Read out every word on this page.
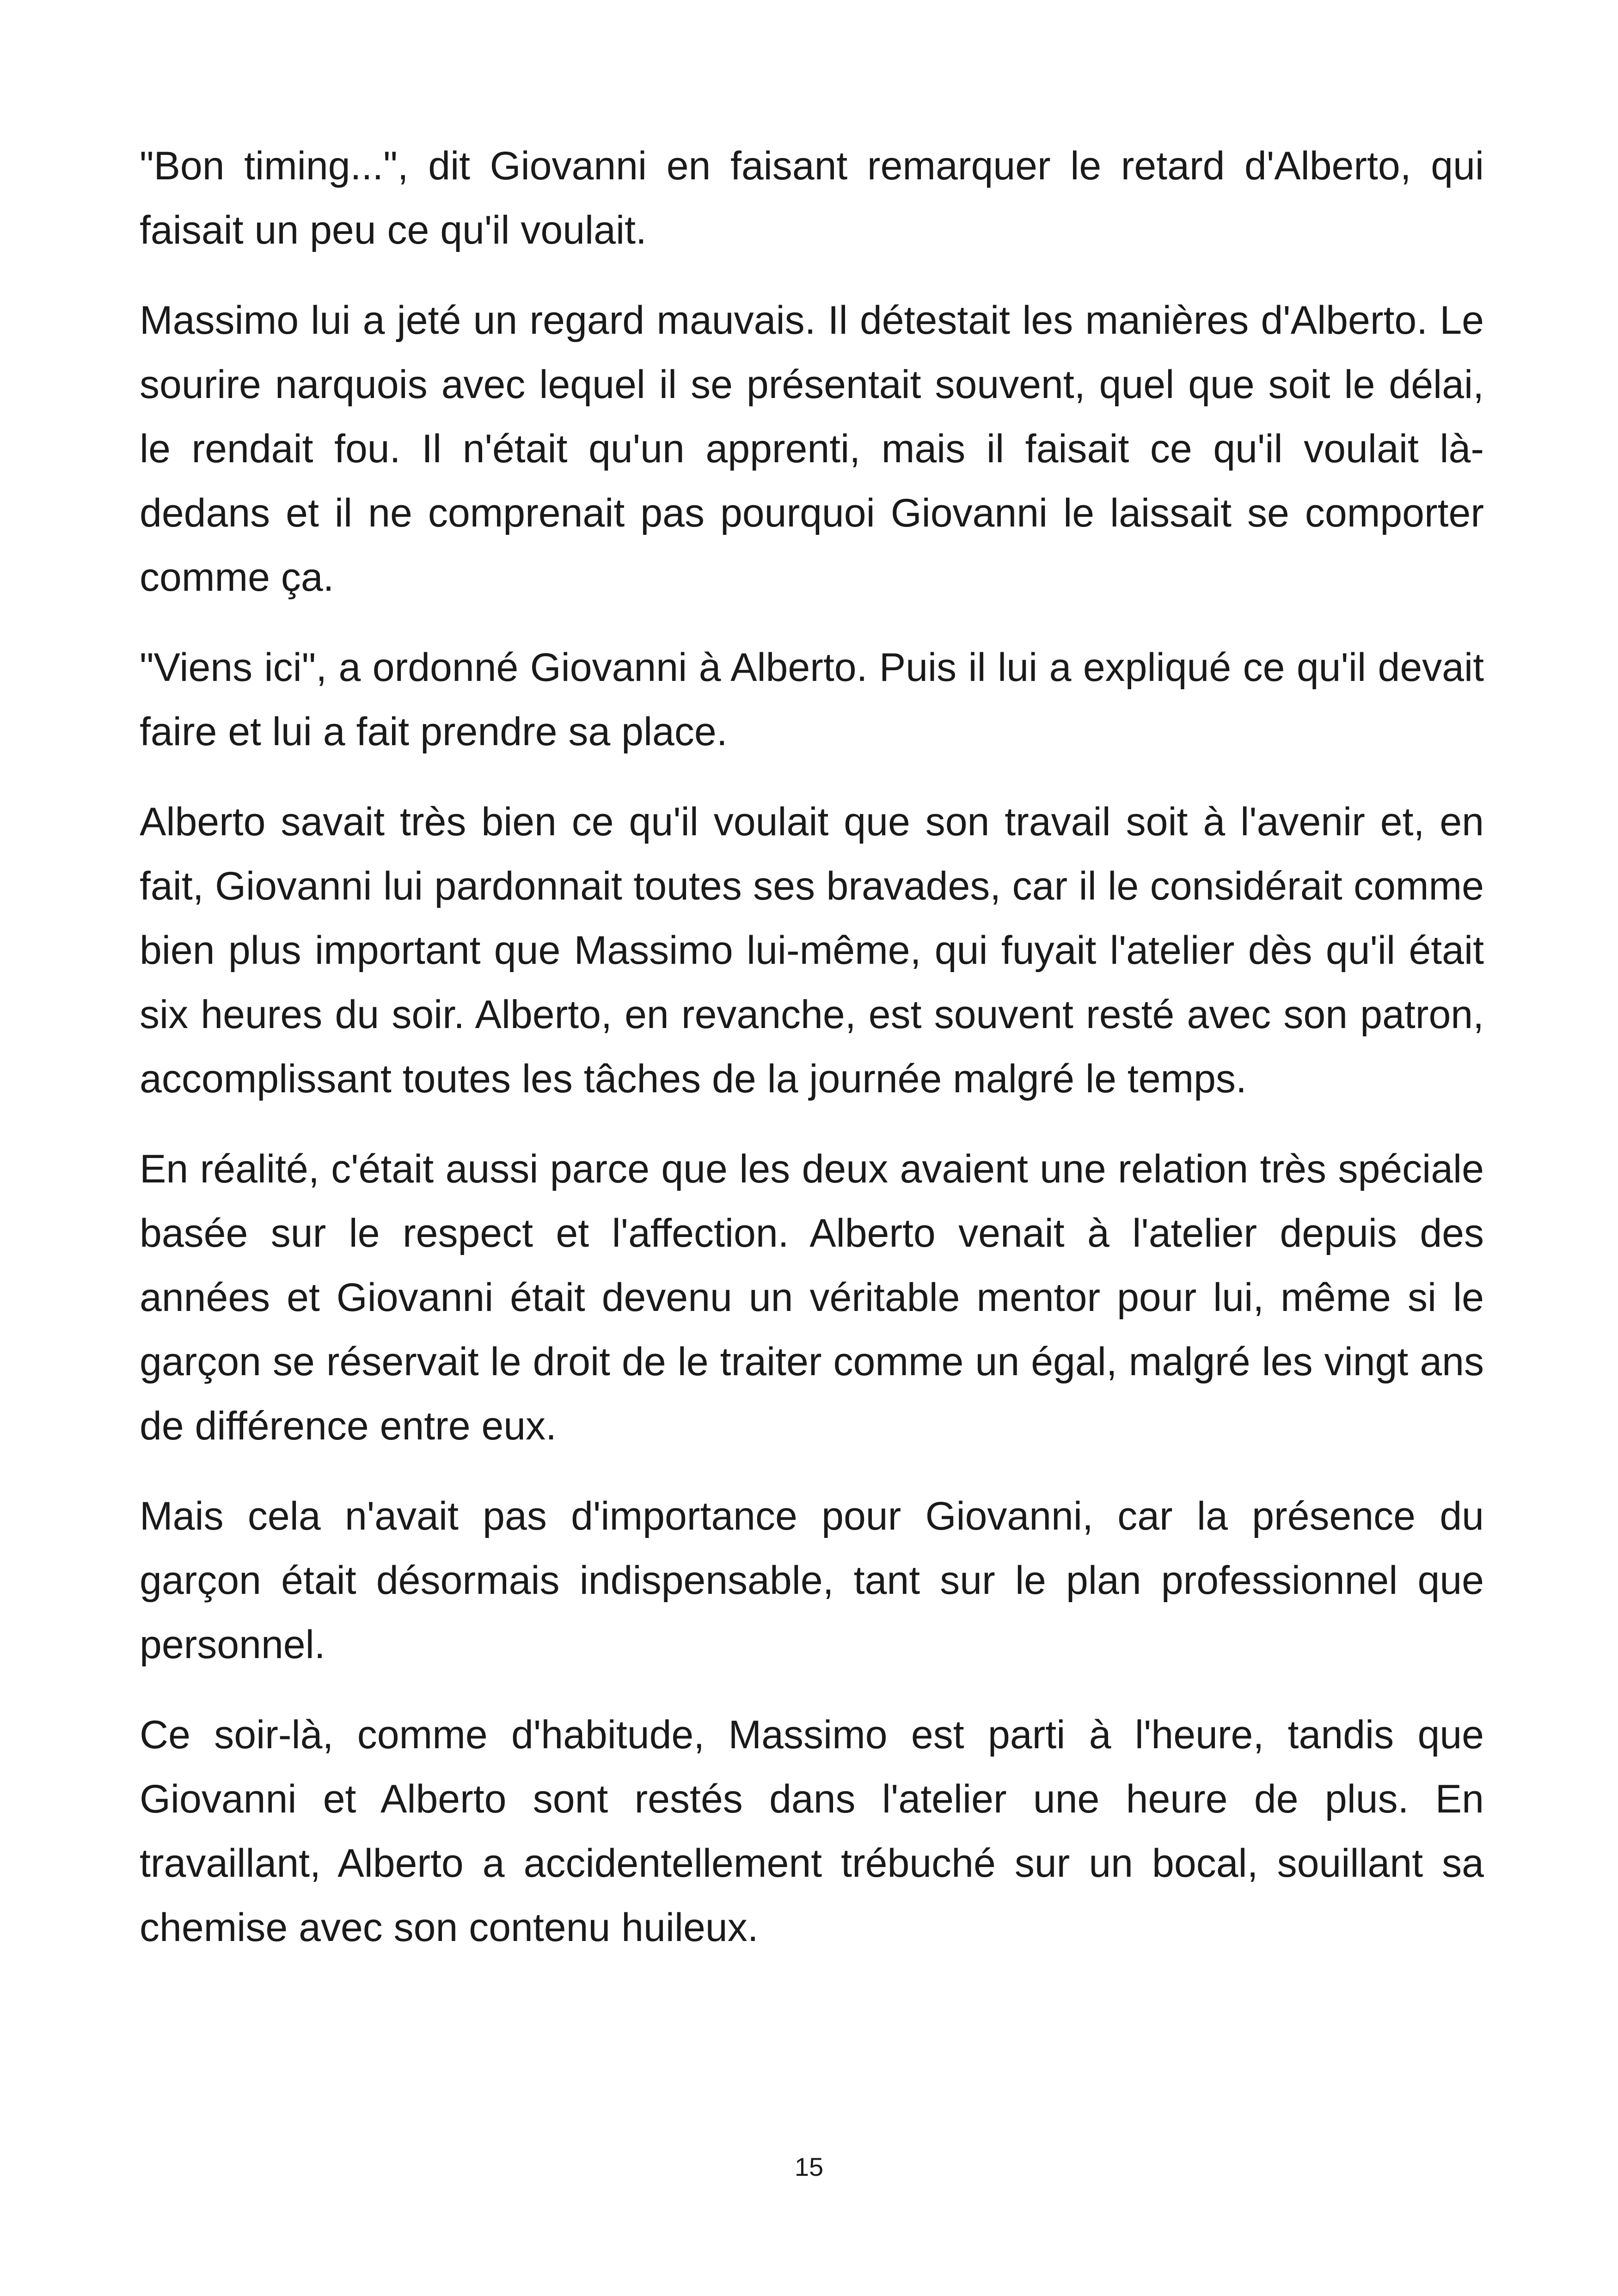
"Bon timing...", dit Giovanni en faisant remarquer le retard d'Alberto, qui faisait un peu ce qu'il voulait.

Massimo lui a jeté un regard mauvais. Il détestait les manières d'Alberto. Le sourire narquois avec lequel il se présentait souvent, quel que soit le délai, le rendait fou. Il n'était qu'un apprenti, mais il faisait ce qu'il voulait là-dedans et il ne comprenait pas pourquoi Giovanni le laissait se comporter comme ça.

"Viens ici", a ordonné Giovanni à Alberto. Puis il lui a expliqué ce qu'il devait faire et lui a fait prendre sa place.

Alberto savait très bien ce qu'il voulait que son travail soit à l'avenir et, en fait, Giovanni lui pardonnait toutes ses bravades, car il le considérait comme bien plus important que Massimo lui-même, qui fuyait l'atelier dès qu'il était six heures du soir. Alberto, en revanche, est souvent resté avec son patron, accomplissant toutes les tâches de la journée malgré le temps.

En réalité, c'était aussi parce que les deux avaient une relation très spéciale basée sur le respect et l'affection. Alberto venait à l'atelier depuis des années et Giovanni était devenu un véritable mentor pour lui, même si le garçon se réservait le droit de le traiter comme un égal, malgré les vingt ans de différence entre eux.

Mais cela n'avait pas d'importance pour Giovanni, car la présence du garçon était désormais indispensable, tant sur le plan professionnel que personnel.

Ce soir-là, comme d'habitude, Massimo est parti à l'heure, tandis que Giovanni et Alberto sont restés dans l'atelier une heure de plus. En travaillant, Alberto a accidentellement trébuché sur un bocal, souillant sa chemise avec son contenu huileux.

15
